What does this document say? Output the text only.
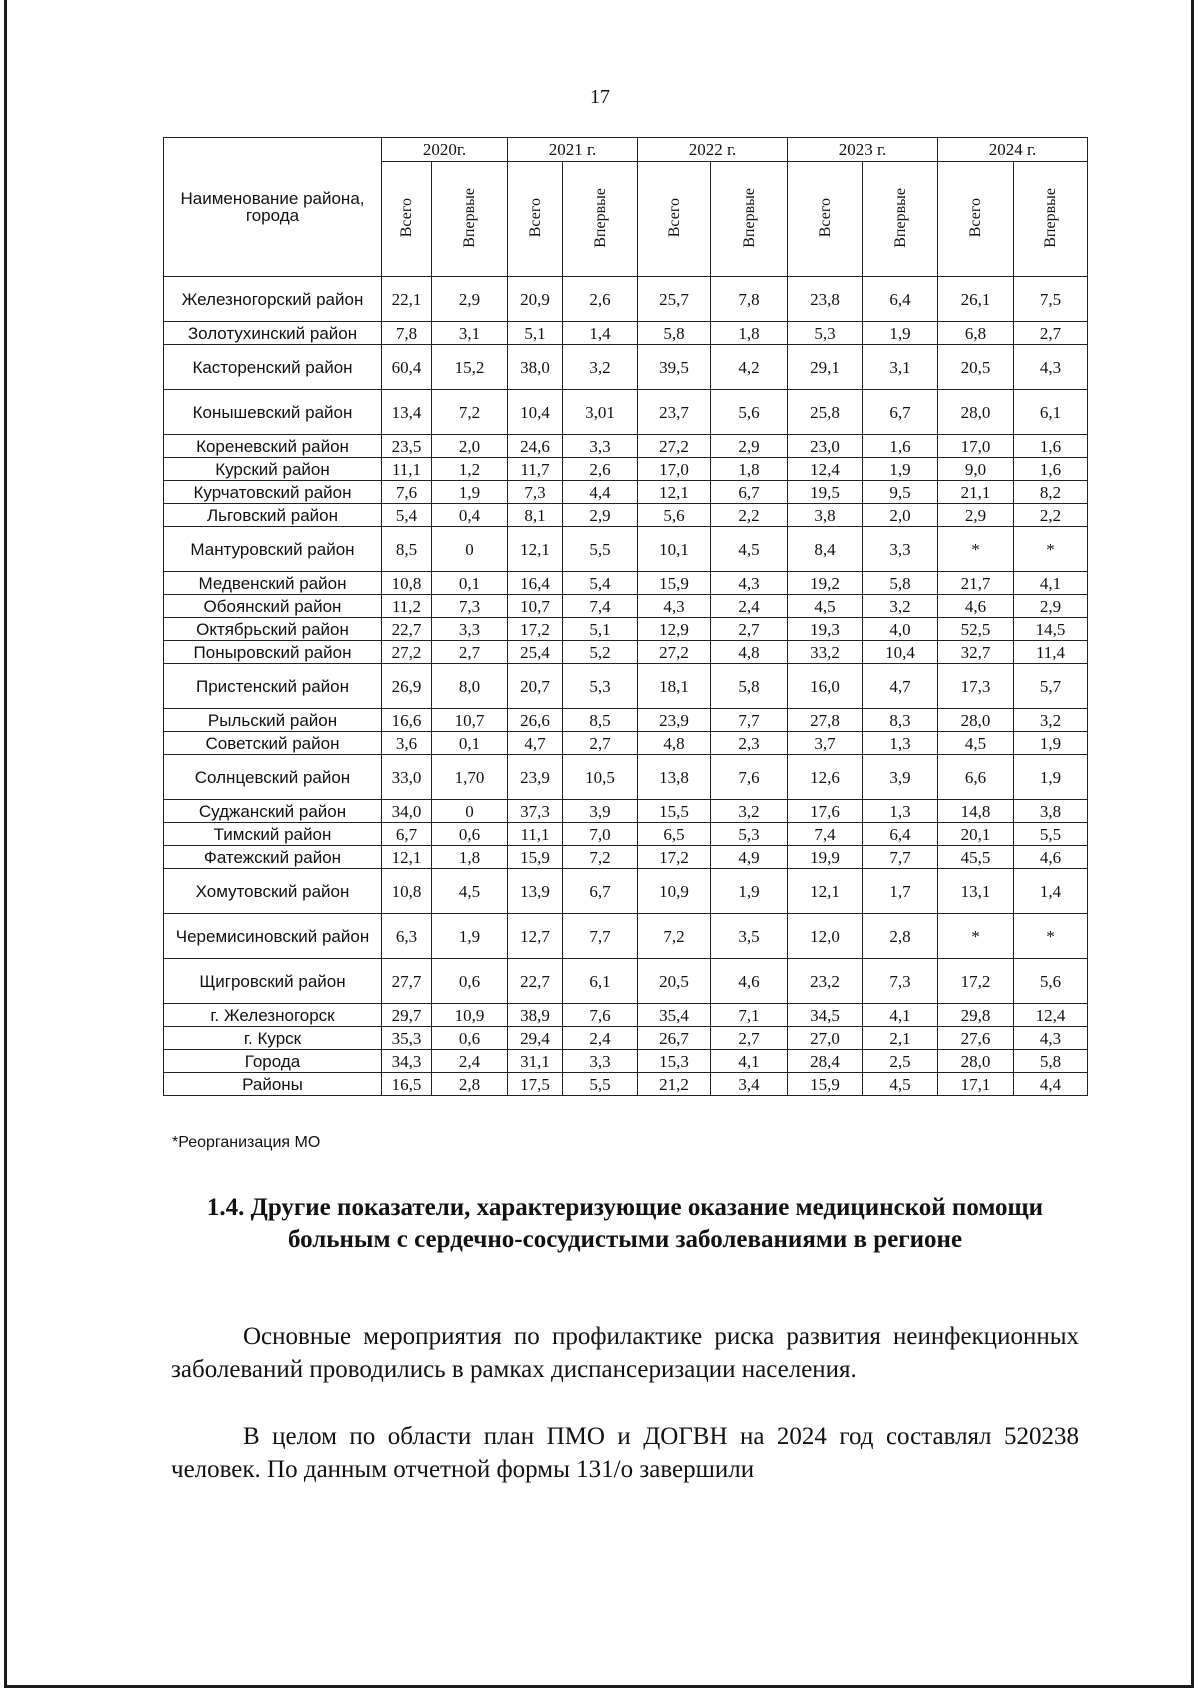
17
Наименование района, города	2020г.		2021 г.		2022 г.		2023 г.		2024 г.	
	Всего	Впервые	Всего	Впервые	Всего	Впервые	Всего	Впервые	Всего	Впервые
Железногорский район	22,1	2,9	20,9	2,6	25,7	7,8	23,8	6,4	26,1	7,5
Золотухинский район	7,8	3,1	5,1	1,4	5,8	1,8	5,3	1,9	6,8	2,7
Касторенский район	60,4	15,2	38,0	3,2	39,5	4,2	29,1	3,1	20,5	4,3
Конышевский район	13,4	7,2	10,4	3,01	23,7	5,6	25,8	6,7	28,0	6,1
Кореневский район	23,5	2,0	24,6	3,3	27,2	2,9	23,0	1,6	17,0	1,6
Курский район	11,1	1,2	11,7	2,6	17,0	1,8	12,4	1,9	9,0	1,6
Курчатовский район	7,6	1,9	7,3	4,4	12,1	6,7	19,5	9,5	21,1	8,2
Льговский район	5,4	0,4	8,1	2,9	5,6	2,2	3,8	2,0	2,9	2,2
Мантуровский район	8,5	0	12,1	5,5	10,1	4,5	8,4	3,3	*	*
Медвенский район	10,8	0,1	16,4	5,4	15,9	4,3	19,2	5,8	21,7	4,1
Обоянский район	11,2	7,3	10,7	7,4	4,3	2,4	4,5	3,2	4,6	2,9
Октябрьский район	22,7	3,3	17,2	5,1	12,9	2,7	19,3	4,0	52,5	14,5
Поныровский район	27,2	2,7	25,4	5,2	27,2	4,8	33,2	10,4	32,7	11,4
Пристенский район	26,9	8,0	20,7	5,3	18,1	5,8	16,0	4,7	17,3	5,7
Рыльский район	16,6	10,7	26,6	8,5	23,9	7,7	27,8	8,3	28,0	3,2
Советский район	3,6	0,1	4,7	2,7	4,8	2,3	3,7	1,3	4,5	1,9
Солнцевский район	33,0	1,70	23,9	10,5	13,8	7,6	12,6	3,9	6,6	1,9
Суджанский район	34,0	0	37,3	3,9	15,5	3,2	17,6	1,3	14,8	3,8
Тимский район	6,7	0,6	11,1	7,0	6,5	5,3	7,4	6,4	20,1	5,5
Фатежский район	12,1	1,8	15,9	7,2	17,2	4,9	19,9	7,7	45,5	4,6
Хомутовский район	10,8	4,5	13,9	6,7	10,9	1,9	12,1	1,7	13,1	1,4
Черемисиновский район	6,3	1,9	12,7	7,7	7,2	3,5	12,0	2,8	*	*
Щигровский район	27,7	0,6	22,7	6,1	20,5	4,6	23,2	7,3	17,2	5,6
г. Железногорск	29,7	10,9	38,9	7,6	35,4	7,1	34,5	4,1	29,8	12,4
г. Курск	35,3	0,6	29,4	2,4	26,7	2,7	27,0	2,1	27,6	4,3
Города	34,3	2,4	31,1	3,3	15,3	4,1	28,4	2,5	28,0	5,8
Районы	16,5	2,8	17,5	5,5	21,2	3,4	15,9	4,5	17,1	4,4
*Реорганизация МО
1.4. Другие показатели, характеризующие оказание медицинской помощи больным с сердечно-сосудистыми заболеваниями в регионе

Основные мероприятия по профилактике риска развития неинфекционных заболеваний проводились в рамках диспансеризации населения.

В целом по области план ПМО и ДОГВН на 2024 год составлял 520238 человек. По данным отчетной формы 131/о завершили
